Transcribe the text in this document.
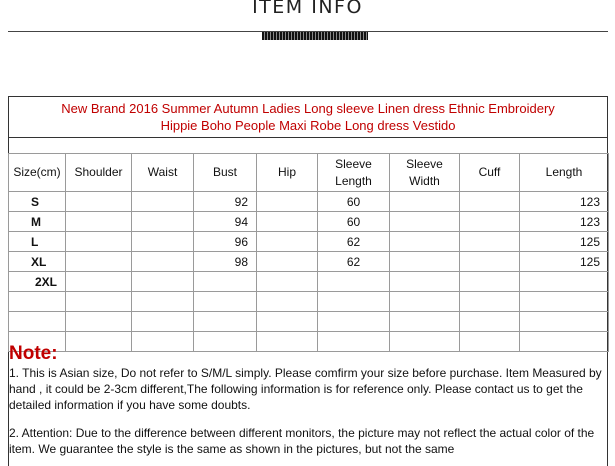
ITEM INFO
New Brand 2016 Summer Autumn Ladies Long sleeve Linen dress Ethnic Embroidery
Hippie Boho People Maxi Robe Long dress Vestido
Size(cm)	Shoulder	Waist	Bust	Hip	Sleeve Length	Sleeve Width	Cuff	Length
S			92		60			123
M			94		60			123
L			96		62			125
XL			98		62			125
2XL								

Note:
1. This is Asian size, Do not refer to S/M/L simply. Please comfirm your size before purchase. Item Measured by hand , it could be 2-3cm different,The following information is for reference only. Please contact us to get the detailed information if you have some doubts.
2. Attention: Due to the difference between different monitors, the picture may not reflect the actual color of the item. We guarantee the style is the same as shown in the pictures, but not the same
